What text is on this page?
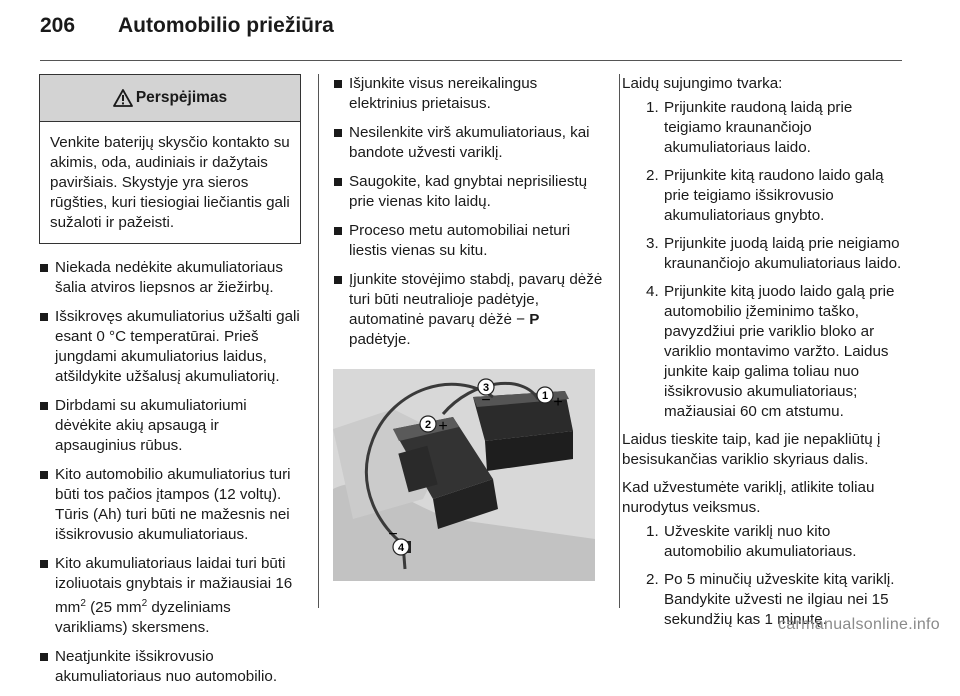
206 Automobilio priežiūra
Perspėjimas
Venkite baterijų skysčio kontakto su akimis, oda, audiniais ir dažytais paviršiais. Skystyje yra sieros rūgšties, kuri tiesiogiai liečiantis gali sužaloti ir pažeisti.
Niekada nedėkite akumuliatoriaus šalia atviros liepsnos ar žiežirbų.
Išsikrovęs akumuliatorius užšalti gali esant 0 °C temperatūrai. Prieš jungdami akumuliatorius laidus, atšildykite užšalusį akumuliatorių.
Dirbdami su akumuliatoriumi dėvėkite akių apsaugą ir apsauginius rūbus.
Kito automobilio akumuliatorius turi būti tos pačios įtampos (12 voltų). Tūris (Ah) turi būti ne mažesnis nei išsikrovusio akumuliatoriaus.
Kito akumuliatoriaus laidai turi būti izoliuotais gnybtais ir mažiausiai 16 $mm^2$ (25 $mm^2$ dyzeliniams varikliams) skersmens.
Neatjunkite išsikrovusio akumuliatoriaus nuo automobilio.
Išjunkite visus nereikalingus elektrinius prietaisus.
Nesilenkite virš akumuliatoriaus, kai bandote užvesti variklį.
Saugokite, kad gnybtai neprisiliestų prie vienas kito laidų.
Proceso metu automobiliai neturi liestis vienas su kitu.
Įjunkite stovėjimo stabdį, pavarų dėžė turi būti neutralioje padėtyje, automatinė pavarų dėžė − P padėtyje.
1 +
2 +
3
−
4
−

Laidų sujungimo tvarka:

1. Prijunkite raudoną laidą prie teigiamo kraunančiojo akumuliatoriaus laido.
2. Prijunkite kitą raudono laido galą prie teigiamo išsikrovusio akumuliatoriaus gnybto.
3. Prijunkite juodą laidą prie neigiamo kraunančiojo akumuliatoriaus laido.
4. Prijunkite kitą juodo laido galą prie automobilio įžeminimo taško, pavyzdžiui prie variklio bloko ar variklio montavimo varžto. Laidus junkite kaip galima toliau nuo išsikrovusio akumuliatoriaus; mažiausiai 60 cm atstumu.

Laidus tieskite taip, kad jie nepakliūtų į besisukančias variklio skyriaus dalis.

Kad užvestumėte variklį, atlikite toliau nurodytus veiksmus.

1. Užveskite variklį nuo kito automobilio akumuliatoriaus.
2. Po 5 minučių užveskite kitą variklį. Bandykite užvesti ne ilgiau nei 15 sekundžių kas 1 minutę.
carmanualsonline.info
